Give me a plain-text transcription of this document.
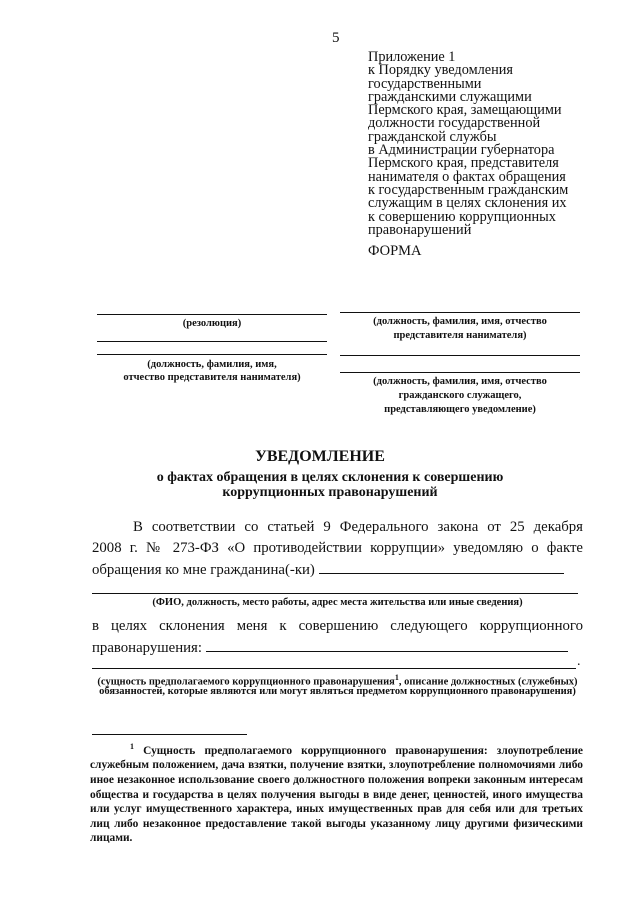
5
Приложение 1
к Порядку уведомления
государственными
гражданскими служащими
Пермского края, замещающими
должности государственной
гражданской службы
в Администрации губернатора
Пермского края, представителя
нанимателя о фактах обращения
к государственным гражданским
служащим в целях склонения их
к совершению коррупционных
правонарушений
ФОРМА
(резолюция)
(должность, фамилия, имя,
отчество представителя нанимателя)
(должность, фамилия, имя, отчество
представителя нанимателя)
(должность, фамилия, имя, отчество
гражданского служащего,
представляющего уведомление)
УВЕДОМЛЕНИЕ
о фактах обращения в целях склонения к совершению
коррупционных правонарушений
В соответствии со статьей 9 Федерального закона от 25 декабря
2008 г. № 273-ФЗ «О противодействии коррупции» уведомляю о факте
обращения ко мне гражданина(-ки)
(ФИО, должность, место работы, адрес места жительства или иные сведения)
в целях склонения меня к совершению следующего коррупционного
правонарушения:
.
(сущность предполагаемого коррупционного правонарушения$^1$, описание должностных (служебных)
обязанностей, которые являются или могут являться предметом коррупционного правонарушения)
$^1$ Сущность предполагаемого коррупционного правонарушения: злоупотребление служебным положением, дача взятки, получение взятки, злоупотребление полномочиями либо иное незаконное использование своего должностного положения вопреки законным интересам общества и государства в целях получения выгоды в виде денег, ценностей, иного имущества или услуг имущественного характера, иных имущественных прав для себя или для третьих лиц либо незаконное предоставление такой выгоды указанному лицу другими физическими лицами.
